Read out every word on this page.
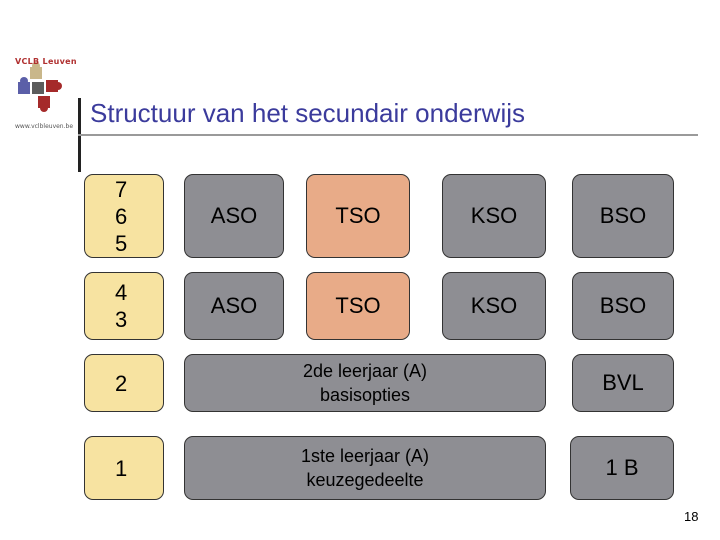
VCLB Leuven
www.vclbleuven.be Structuur van het secundair onderwijs
7
6
5
ASO	TSO	KSO	BSO
4
3
ASO	TSO	KSO	BSO
2	2de leerjaar (A)
basisopties	BVL
1	1ste leerjaar (A)
keuzegedeelte	1 B
18
